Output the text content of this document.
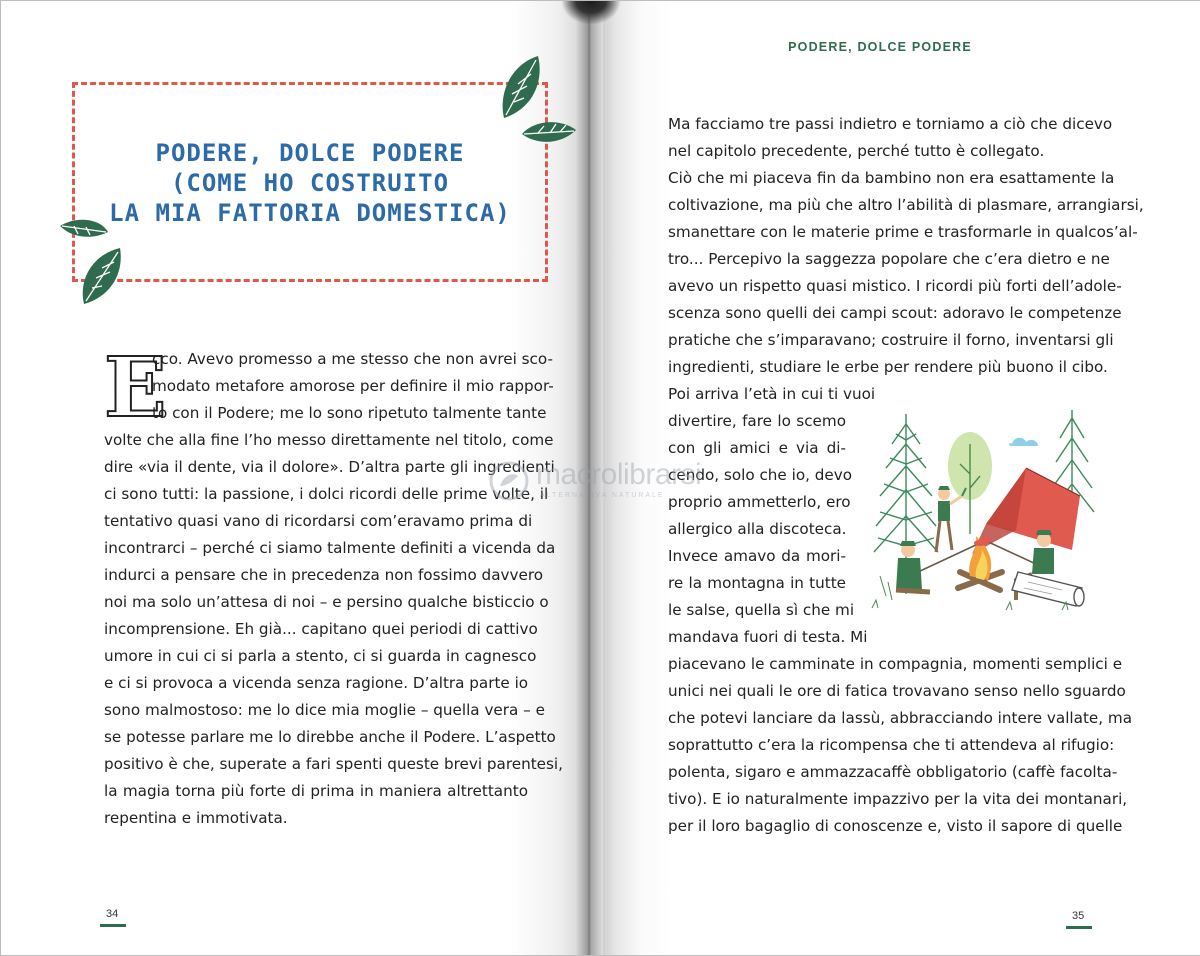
PODERE, DOLCE PODERE
(COME HO COSTRUITO
LA MIA FATTORIA DOMESTICA)
E
cco. Avevo promesso a me stesso che non avrei sco-
modato metafore amorose per definire il mio rappor-
to con il Podere; me lo sono ripetuto talmente tante
volte che alla fine l’ho messo direttamente nel titolo, come
dire «via il dente, via il dolore». D’altra parte gli ingredienti
ci sono tutti: la passione, i dolci ricordi delle prime volte, il
tentativo quasi vano di ricordarsi com’eravamo prima di
incontrarci – perché ci siamo talmente definiti a vicenda da
indurci a pensare che in precedenza non fossimo davvero
noi ma solo un’attesa di noi – e persino qualche bisticcio o
incomprensione. Eh già... capitano quei periodi di cattivo
umore in cui ci si parla a stento, ci si guarda in cagnesco
e ci si provoca a vicenda senza ragione. D’altra parte io
sono malmostoso: me lo dice mia moglie – quella vera – e
se potesse parlare me lo direbbe anche il Podere. L’aspetto
positivo è che, superate a fari spenti queste brevi parentesi,
la magia torna più forte di prima in maniera altrettanto
repentina e immotivata.
34
PODERE, DOLCE PODERE
Ma facciamo tre passi indietro e torniamo a ciò che dicevo
nel capitolo precedente, perché tutto è collegato.
Ciò che mi piaceva fin da bambino non era esattamente la
coltivazione, ma più che altro l’abilità di plasmare, arrangiarsi,
smanettare con le materie prime e trasformarle in qualcos’al-
tro... Percepivo la saggezza popolare che c’era dietro e ne
avevo un rispetto quasi mistico. I ricordi più forti dell’adole-
scenza sono quelli dei campi scout: adoravo le competenze
pratiche che s’imparavano; costruire il forno, inventarsi gli
ingredienti, studiare le erbe per rendere più buono il cibo.
Poi arriva l’età in cui ti vuoi
divertire, fare lo scemo
con gli amici e via di-
cendo, solo che io, devo
proprio ammetterlo, ero
allergico alla discoteca.
Invece amavo da mori-
re la montagna in tutte
le salse, quella sì che mi
mandava fuori di testa. Mi
piacevano le camminate in compagnia, momenti semplici e
unici nei quali le ore di fatica trovavano senso nello sguardo
che potevi lanciare da lassù, abbracciando intere vallate, ma
soprattutto c’era la ricompensa che ti attendeva al rifugio:
polenta, sigaro e ammazzacaffè obbligatorio (caffè facolta-
tivo). E io naturalmente impazzivo per la vita dei montanari,
per il loro bagaglio di conoscenze e, visto il sapore di quelle
35
macrolibrarsi
ALTERNATIVA NATURALE
